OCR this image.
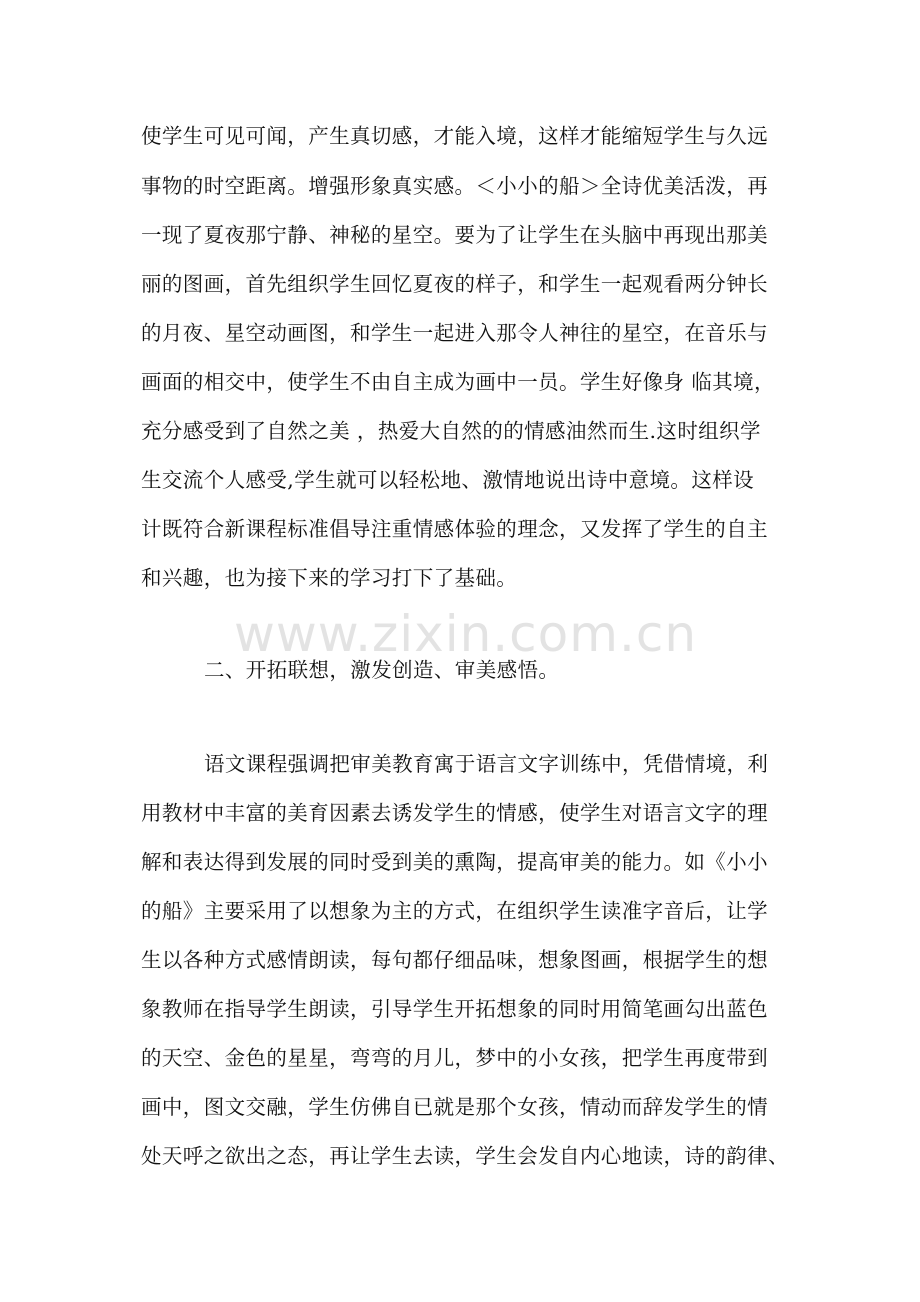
www.zixin.com.cn
使学生可见可闻，产生真切感，才能入境，这样才能缩短学生与久远
事物的时空距离。增强形象真实感。＜小小的船＞全诗优美活泼，再
一现了夏夜那宁静、神秘的星空。要为了让学生在头脑中再现出那美
丽的图画，首先组织学生回忆夏夜的样子，和学生一起观看两分钟长
的月夜、星空动画图，和学生一起进入那令人神往的星空，在音乐与
画面的相交中，使学生不由自主成为画中一员。学生好像身 临其境，
充分感受到了自然之美 ，热爱大自然的的情感油然而生.这时组织学
生交流个人感受,学生就可以轻松地、激情地说出诗中意境。这样设
计既符合新课程标准倡导注重情感体验的理念，又发挥了学生的自主
和兴趣，也为接下来的学习打下了基础。
二、开拓联想，激发创造、审美感悟。
语文课程强调把审美教育寓于语言文字训练中，凭借情境，利
用教材中丰富的美育因素去诱发学生的情感，使学生对语言文字的理
解和表达得到发展的同时受到美的熏陶，提高审美的能力。如《小小
的船》主要采用了以想象为主的方式，在组织学生读准字音后，让学
生以各种方式感情朗读，每句都仔细品味，想象图画，根据学生的想
象教师在指导学生朗读，引导学生开拓想象的同时用简笔画勾出蓝色
的天空、金色的星星，弯弯的月儿，梦中的小女孩，把学生再度带到
画中，图文交融，学生仿佛自已就是那个女孩，情动而辞发学生的情
处天呼之欲出之态，再让学生去读，学生会发自内心地读，诗的韵律、
